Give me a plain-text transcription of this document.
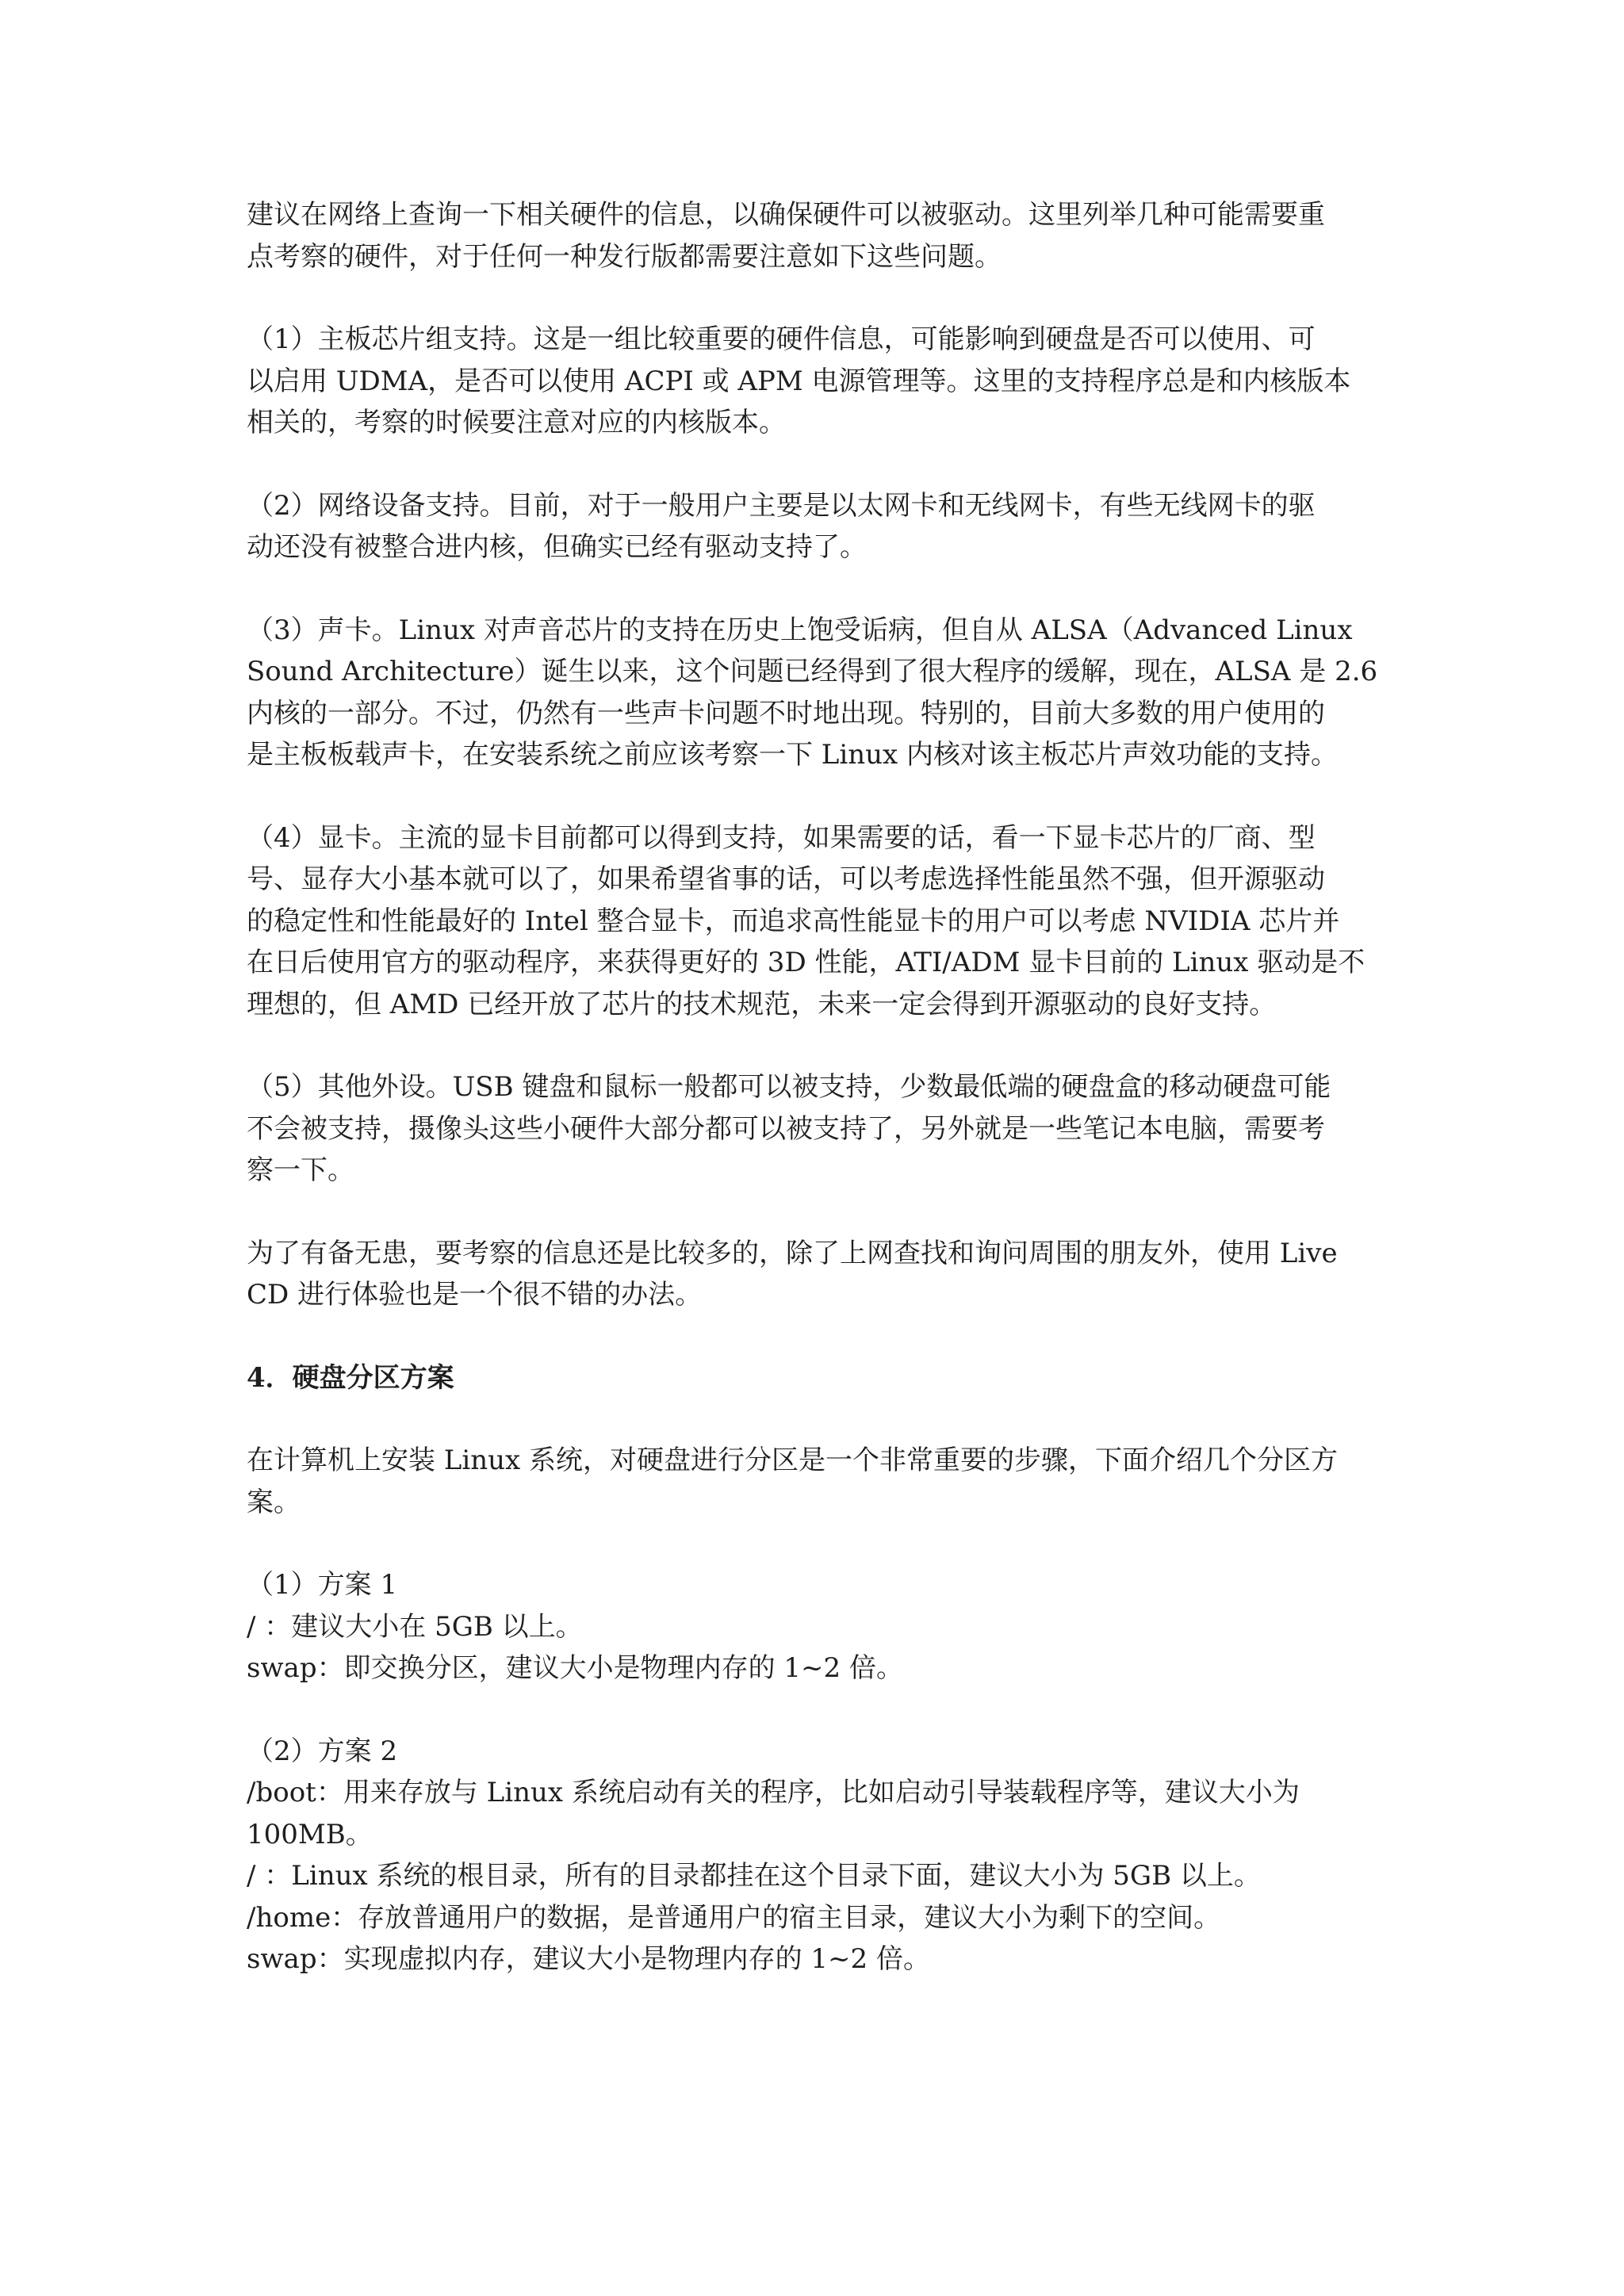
建议在网络上查询一下相关硬件的信息，以确保硬件可以被驱动。这里列举几种可能需要重
点考察的硬件，对于任何一种发行版都需要注意如下这些问题。

（1）主板芯片组支持。这是一组比较重要的硬件信息，可能影响到硬盘是否可以使用、可
以启用 UDMA，是否可以使用 ACPI 或 APM 电源管理等。这里的支持程序总是和内核版本
相关的，考察的时候要注意对应的内核版本。

（2）网络设备支持。目前，对于一般用户主要是以太网卡和无线网卡，有些无线网卡的驱
动还没有被整合进内核，但确实已经有驱动支持了。

（3）声卡。Linux 对声音芯片的支持在历史上饱受诟病，但自从 ALSA（Advanced Linux
Sound Architecture）诞生以来，这个问题已经得到了很大程序的缓解，现在，ALSA 是 2.6
内核的一部分。不过，仍然有一些声卡问题不时地出现。特别的，目前大多数的用户使用的
是主板板载声卡，在安装系统之前应该考察一下 Linux 内核对该主板芯片声效功能的支持。

（4）显卡。主流的显卡目前都可以得到支持，如果需要的话，看一下显卡芯片的厂商、型
号、显存大小基本就可以了，如果希望省事的话，可以考虑选择性能虽然不强，但开源驱动
的稳定性和性能最好的 Intel 整合显卡，而追求高性能显卡的用户可以考虑 NVIDIA 芯片并
在日后使用官方的驱动程序，来获得更好的 3D 性能，ATI/ADM 显卡目前的 Linux 驱动是不
理想的，但 AMD 已经开放了芯片的技术规范，未来一定会得到开源驱动的良好支持。

（5）其他外设。USB 键盘和鼠标一般都可以被支持，少数最低端的硬盘盒的移动硬盘可能
不会被支持，摄像头这些小硬件大部分都可以被支持了，另外就是一些笔记本电脑，需要考
察一下。

为了有备无患，要考察的信息还是比较多的，除了上网查找和询问周围的朋友外，使用 Live
CD 进行体验也是一个很不错的办法。

4．硬盘分区方案

在计算机上安装 Linux 系统，对硬盘进行分区是一个非常重要的步骤，下面介绍几个分区方
案。

（1）方案 1
/ ：建议大小在 5GB 以上。
swap：即交换分区，建议大小是物理内存的 1~2 倍。

（2）方案 2
/boot：用来存放与 Linux 系统启动有关的程序，比如启动引导装载程序等，建议大小为
100MB。
/ ：Linux 系统的根目录，所有的目录都挂在这个目录下面，建议大小为 5GB 以上。
/home：存放普通用户的数据，是普通用户的宿主目录，建议大小为剩下的空间。
swap：实现虚拟内存，建议大小是物理内存的 1~2 倍。
